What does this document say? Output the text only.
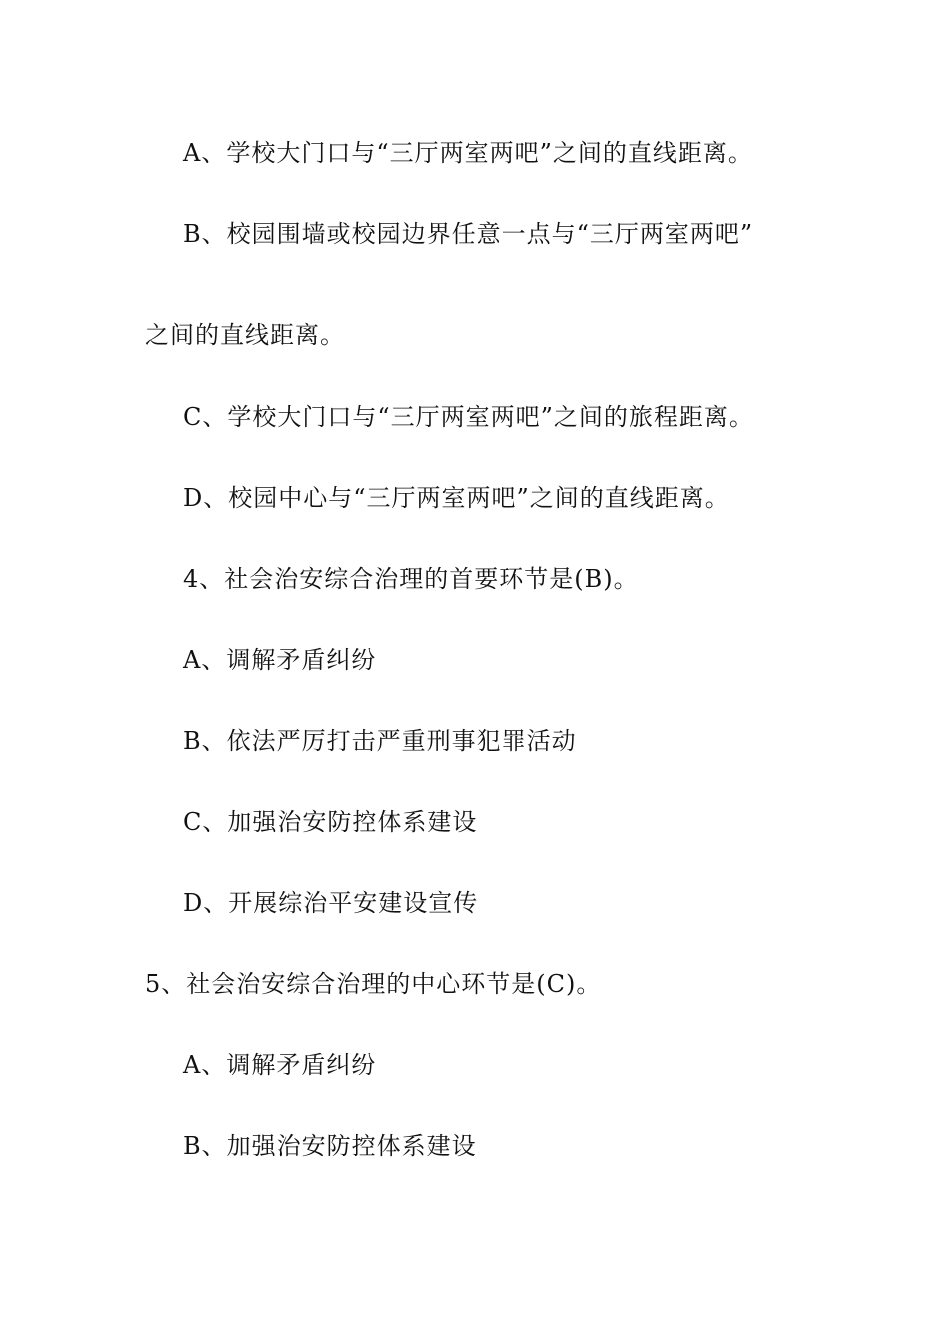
A、学校大门口与“三厅两室两吧”之间的直线距离。
B、校园围墙或校园边界任意一点与“三厅两室两吧”
之间的直线距离。
C、学校大门口与“三厅两室两吧”之间的旅程距离。
D、校园中心与“三厅两室两吧”之间的直线距离。
4、社会治安综合治理的首要环节是(B)。
A、调解矛盾纠纷
B、依法严厉打击严重刑事犯罪活动
C、加强治安防控体系建设
D、开展综治平安建设宣传
5、社会治安综合治理的中心环节是(C)。
A、调解矛盾纠纷
B、加强治安防控体系建设
